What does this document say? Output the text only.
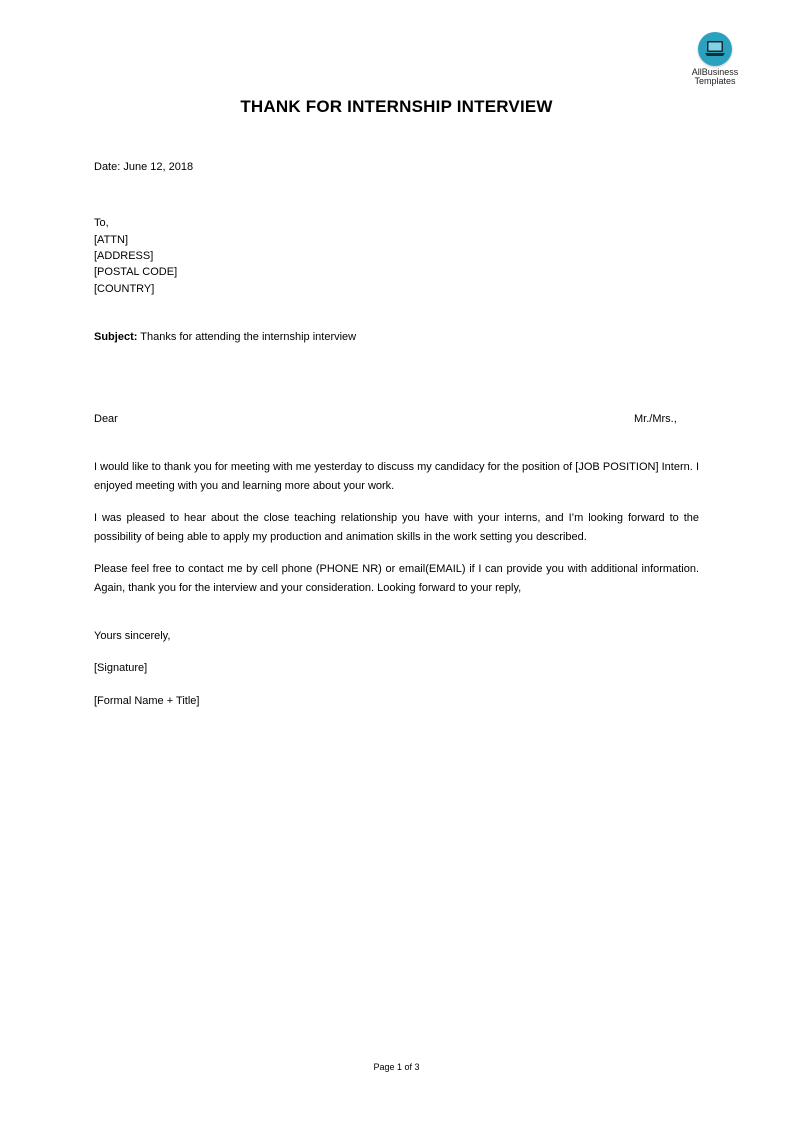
AllBusiness
Templates
THANK FOR INTERNSHIP INTERVIEW
Date: June 12, 2018
To,
[ATTN]
[ADDRESS]
[POSTAL CODE]
[COUNTRY]
Subject: Thanks for attending the internship interview
Dear	Mr./Mrs.,
I would like to thank you for meeting with me yesterday to discuss my candidacy for the position of [JOB POSITION] Intern. I enjoyed meeting with you and learning more about your work.
I was pleased to hear about the close teaching relationship you have with your interns, and I’m looking forward to the possibility of being able to apply my production and animation skills in the work setting you described.
Please feel free to contact me by cell phone (PHONE NR) or email(EMAIL) if I can provide you with additional information. Again, thank you for the interview and your consideration. Looking forward to your reply,
Yours sincerely,
[Signature]
[Formal Name + Title]
Page 1 of 3
